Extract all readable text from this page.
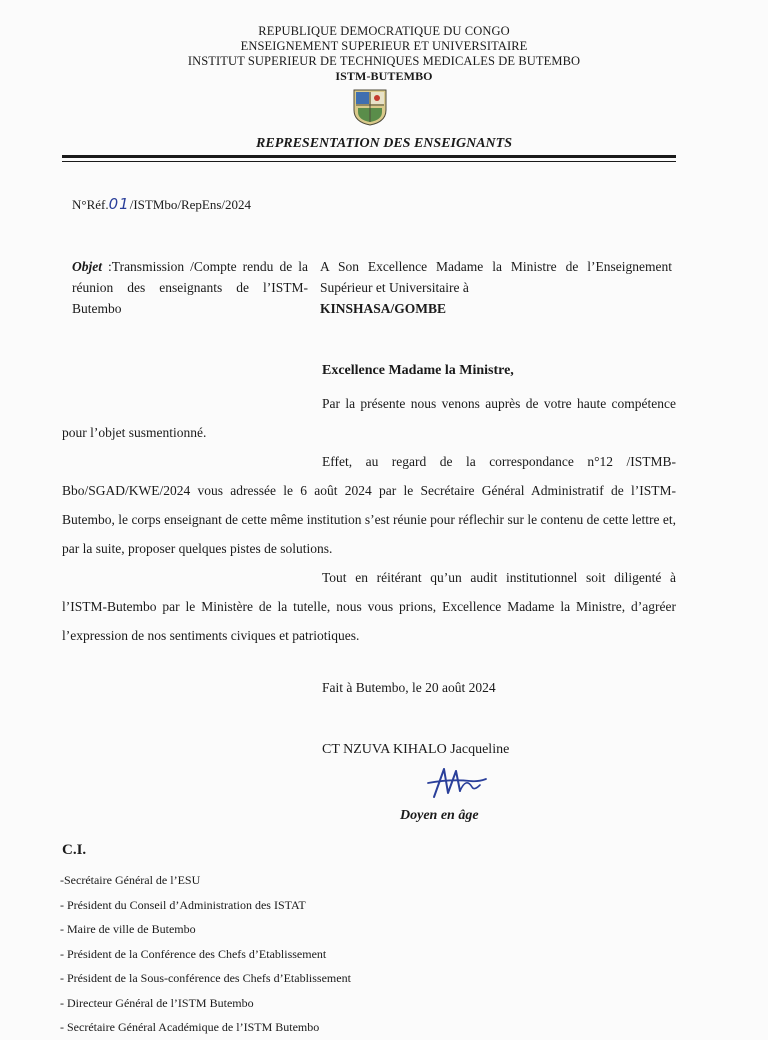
REPUBLIQUE DEMOCRATIQUE DU CONGO
ENSEIGNEMENT SUPERIEUR ET UNIVERSITAIRE
INSTITUT SUPERIEUR DE TECHNIQUES MEDICALES DE BUTEMBO
ISTM-BUTEMBO
REPRESENTATION DES ENSEIGNANTS
N°Réf.01/ISTMbo/RepEns/2024
Objet :Transmission /Compte rendu de la réunion des enseignants de l’ISTM-Butembo
A Son Excellence Madame la Ministre de l’Enseignement Supérieur et Universitaire à
KINSHASA/GOMBE
Excellence Madame la Ministre,

Par la présente nous venons auprès de votre haute compétence pour l’objet susmentionné.

Effet, au regard de la correspondance n°12 /ISTMB-Bbo/SGAD/KWE/2024 vous adressée le 6 août 2024 par le Secrétaire Général Administratif de l’ISTM-Butembo, le corps enseignant de cette même institution s’est réunie pour réflechir sur le contenu de cette lettre et, par la suite, proposer quelques pistes de solutions.

Tout en réitérant qu’un audit institutionnel soit diligenté à l’ISTM-Butembo par le Ministère de la tutelle, nous vous prions, Excellence Madame la Ministre, d’agréer l’expression de nos sentiments civiques et patriotiques.

Fait à Butembo, le 20 août 2024
CT NZUVA KIHALO Jacqueline
Doyen en âge
C.I.
-Secrétaire Général de l’ESU
- Président du Conseil d’Administration des ISTAT
- Maire de ville de Butembo
- Président de la Conférence des Chefs d’Etablissement
- Président de la Sous-conférence des Chefs d’Etablissement
- Directeur Général de l’ISTM Butembo
- Secrétaire Général Académique de l’ISTM Butembo
